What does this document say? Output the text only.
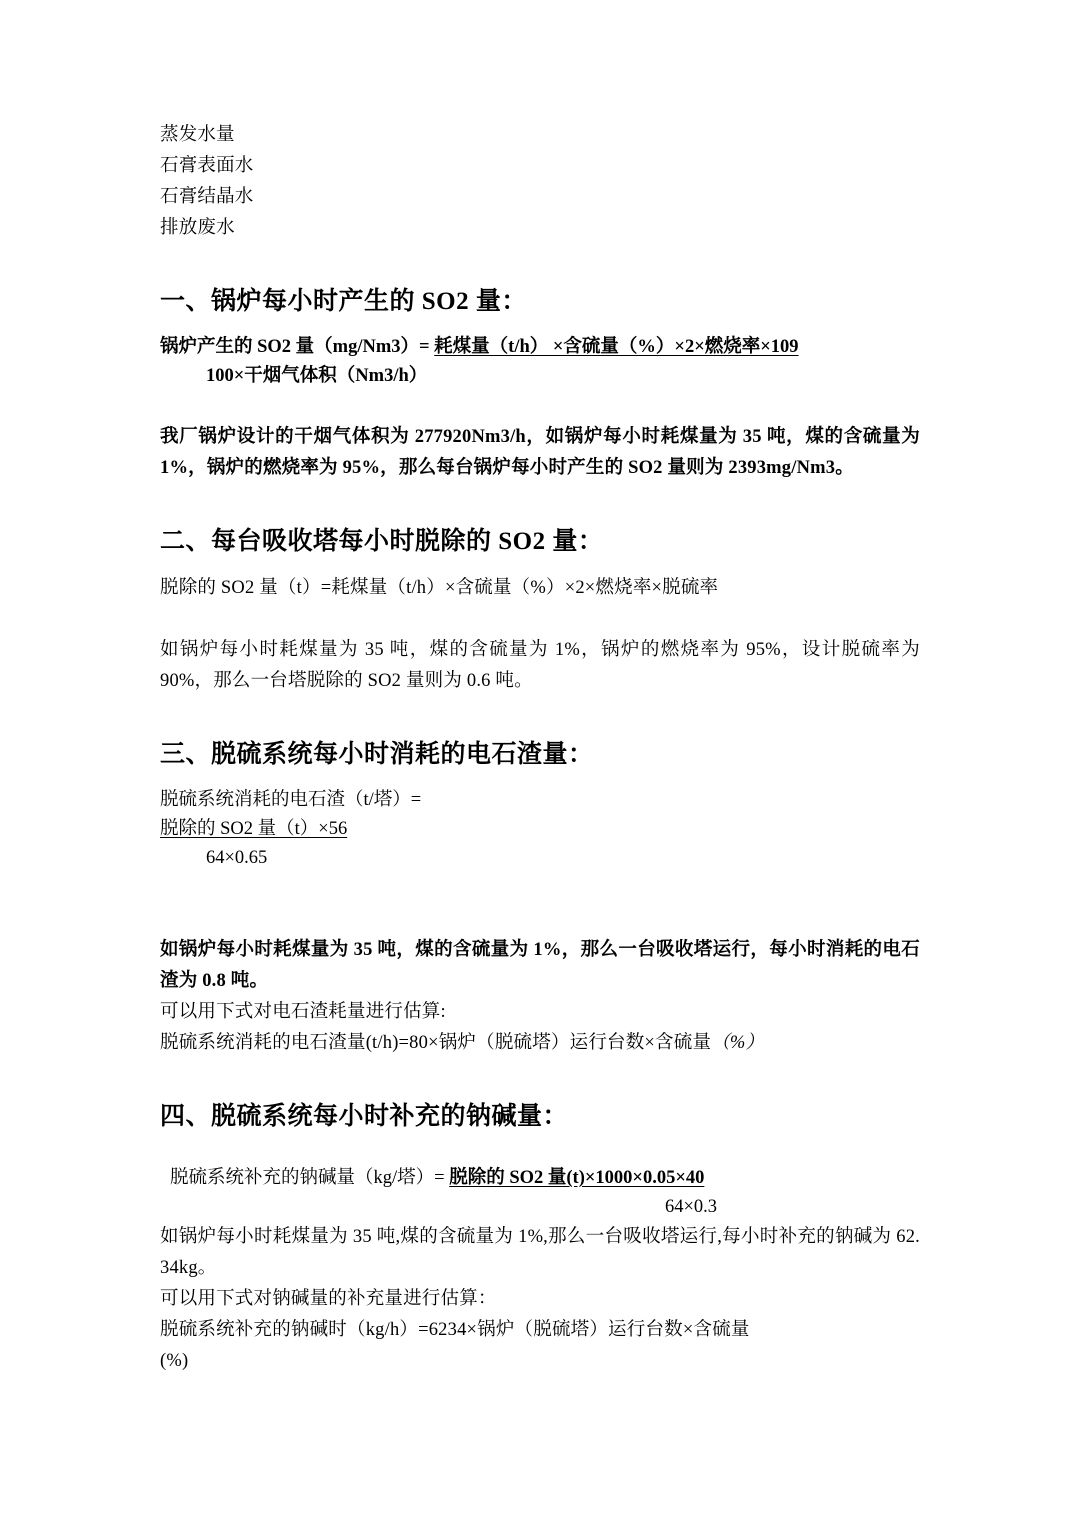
蒸发水量
石膏表面水
石膏结晶水
排放废水
一、锅炉每小时产生的 SO2 量：
锅炉产生的 SO2 量（mg/Nm3）= 耗煤量（t/h） ×含硫量（%）×2×燃烧率×109
100×干烟气体积（Nm3/h）

我厂锅炉设计的干烟气体积为 277920Nm3/h，如锅炉每小时耗煤量为 35 吨，煤的含硫量为 1%，锅炉的燃烧率为 95%，那么每台锅炉每小时产生的 SO2 量则为 2393mg/Nm3。

二、每台吸收塔每小时脱除的 SO2 量：

脱除的 SO2 量（t）=耗煤量（t/h）×含硫量（%）×2×燃烧率×脱硫率

如锅炉每小时耗煤量为 35 吨，煤的含硫量为 1%，锅炉的燃烧率为 95%，设计脱硫率为 90%，那么一台塔脱除的 SO2 量则为 0.6 吨。

三、脱硫系统每小时消耗的电石渣量：
脱硫系统消耗的电石渣（t/塔）=
脱除的 SO2 量（t）×56
64×0.65

如锅炉每小时耗煤量为 35 吨，煤的含硫量为 1%，那么一台吸收塔运行，每小时消耗的电石渣为 0.8 吨。

可以用下式对电石渣耗量进行估算:

脱硫系统消耗的电石渣量(t/h)=80×锅炉（脱硫塔）运行台数×含硫量（%）

四、脱硫系统每小时补充的钠碱量：
脱硫系统补充的钠碱量（kg/塔）= 脱除的 SO2 量(t)×1000×0.05×40
64×0.3

如锅炉每小时耗煤量为 35 吨,煤的含硫量为 1%,那么一台吸收塔运行,每小时补充的钠碱为 62. 34kg。

可以用下式对钠碱量的补充量进行估算：

脱硫系统补充的钠碱时（kg/h）=6234×锅炉（脱硫塔）运行台数×含硫量

(%)
